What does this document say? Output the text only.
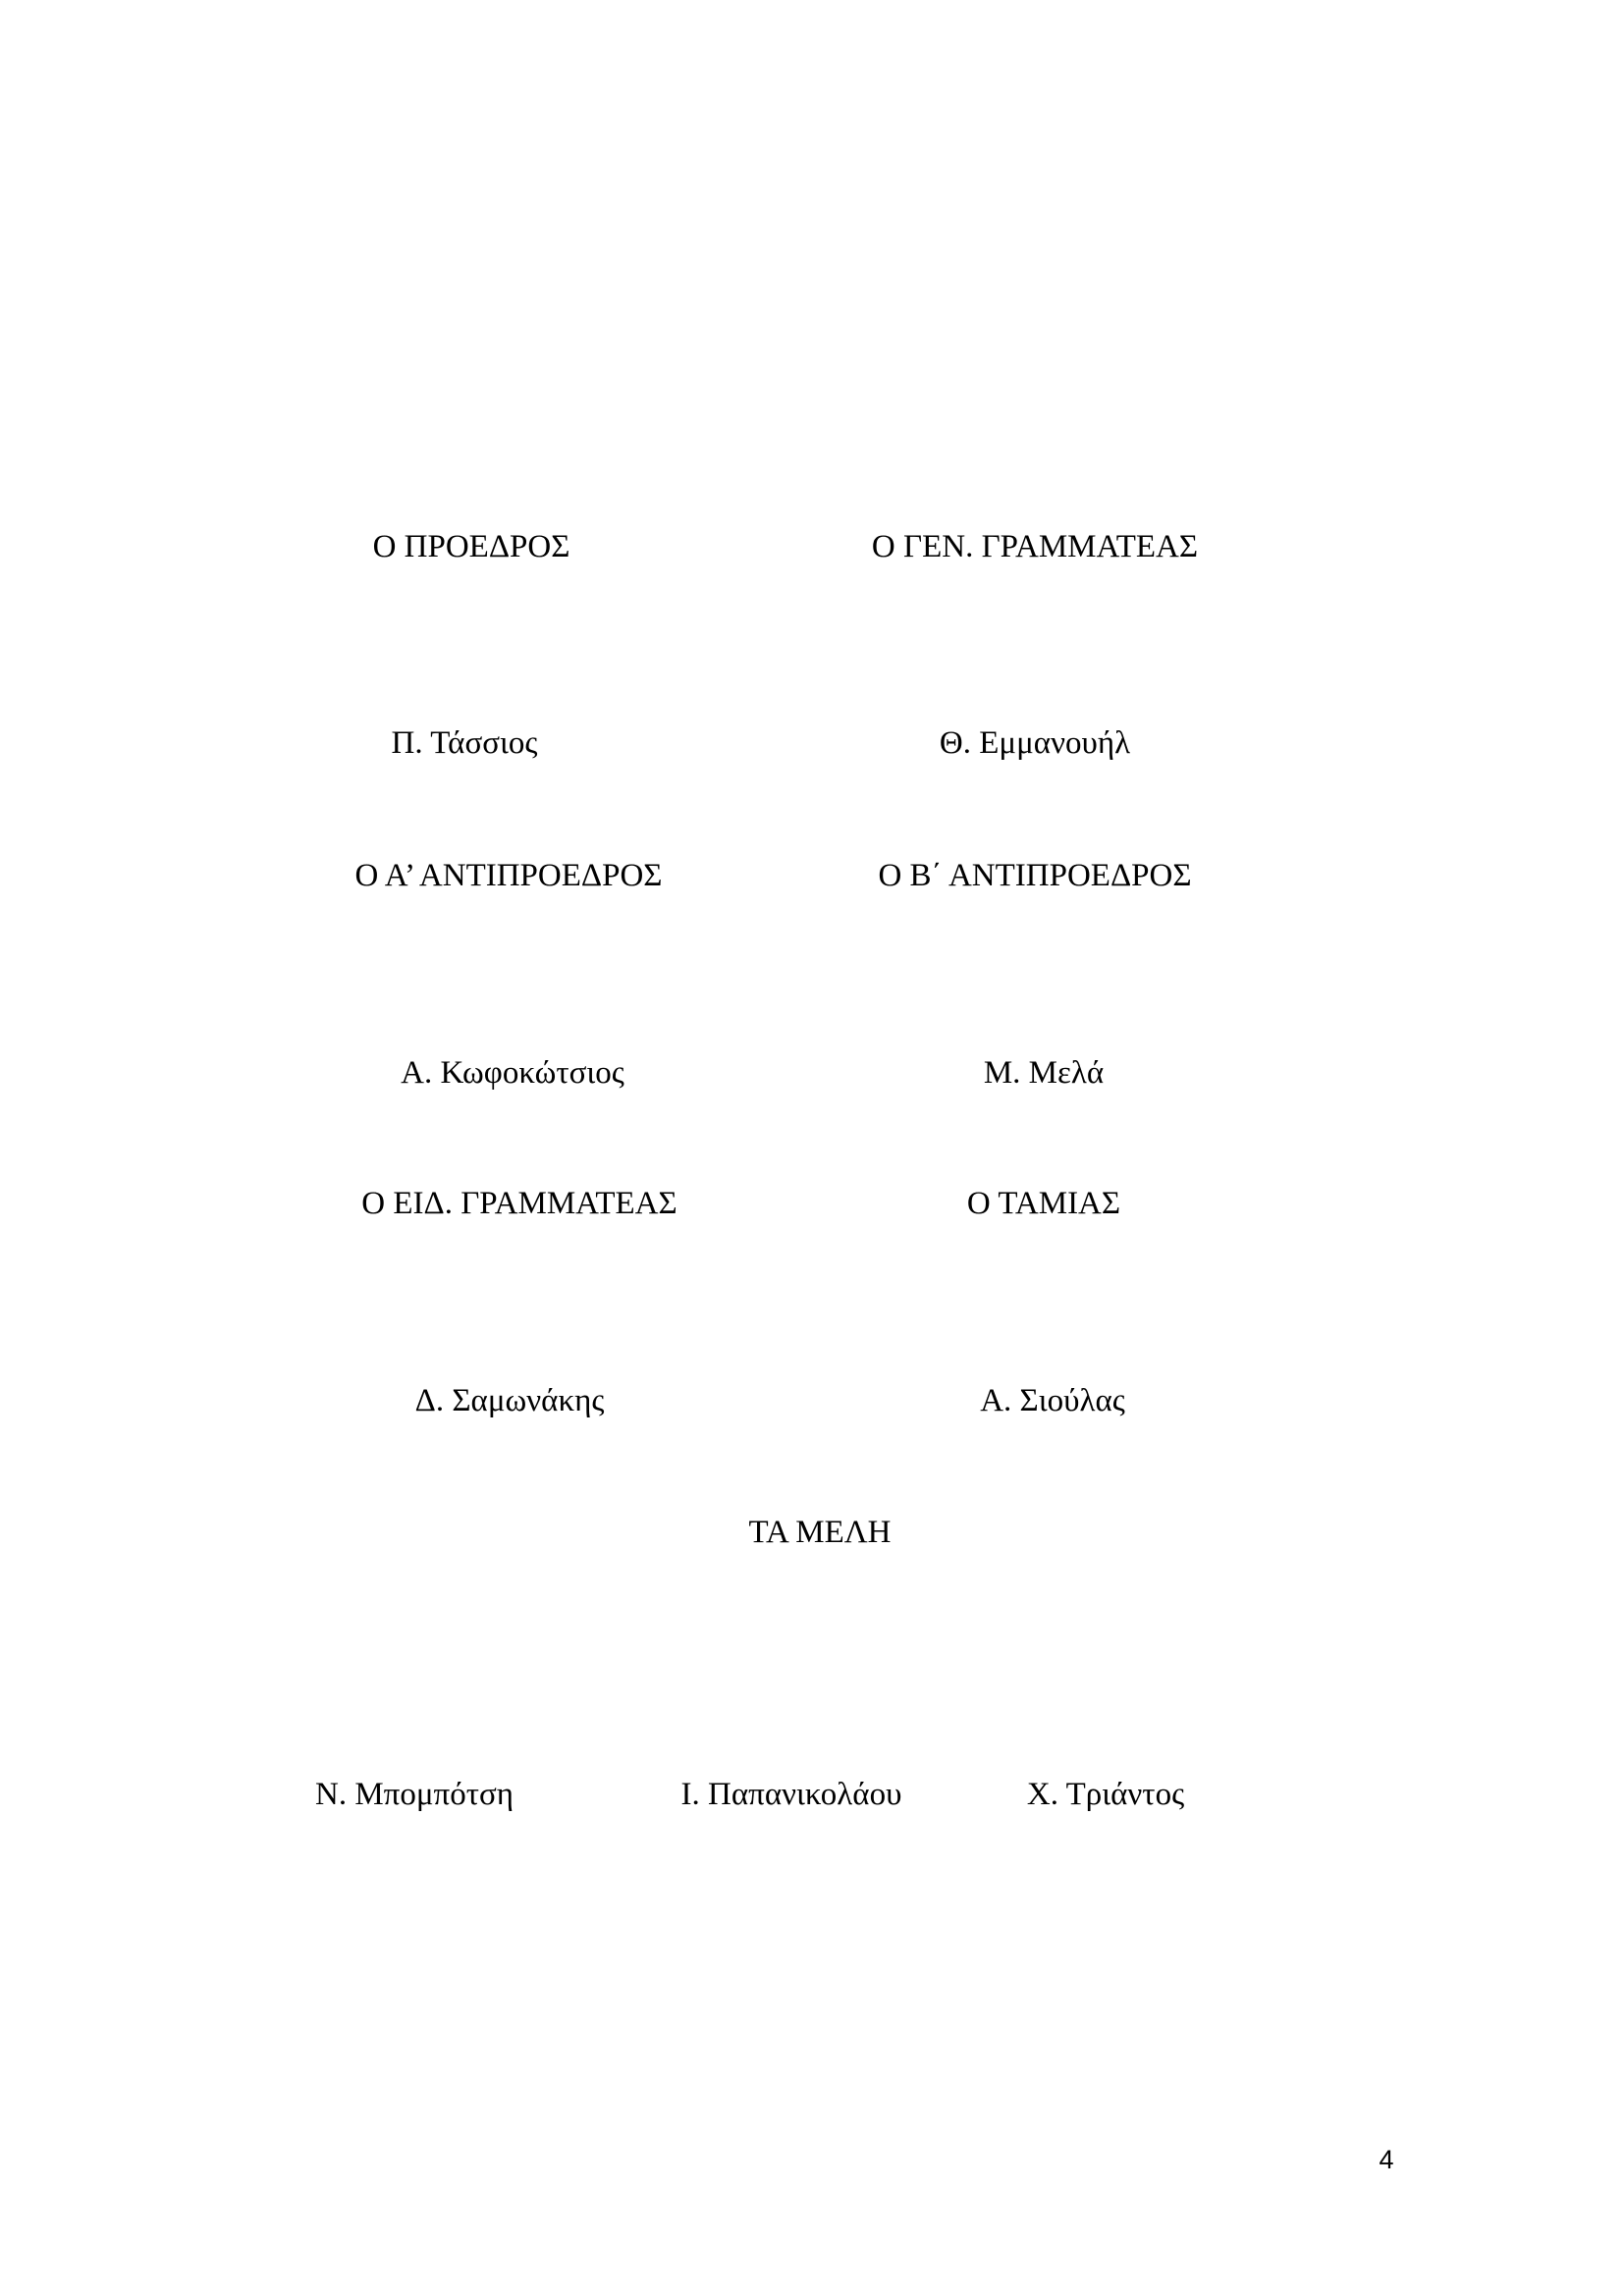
Ο ΠΡΟΕΔΡΟΣ	Ο ΓΕΝ. ΓΡΑΜΜΑΤΕΑΣ
Π. Τάσσιος	Θ. Εμμανουήλ
Ο Α’ ΑΝΤΙΠΡΟΕΔΡΟΣ	Ο Β΄ ΑΝΤΙΠΡΟΕΔΡΟΣ
Α. Κωφοκώτσιος	Μ. Μελά
Ο ΕΙΔ. ΓΡΑΜΜΑΤΕΑΣ	Ο ΤΑΜΙΑΣ
Δ. Σαμωνάκης	Α. Σιούλας
ΤΑ ΜΕΛΗ
Ν. Μπομπότση	Ι. Παπανικολάου	Χ. Τριάντος
4
